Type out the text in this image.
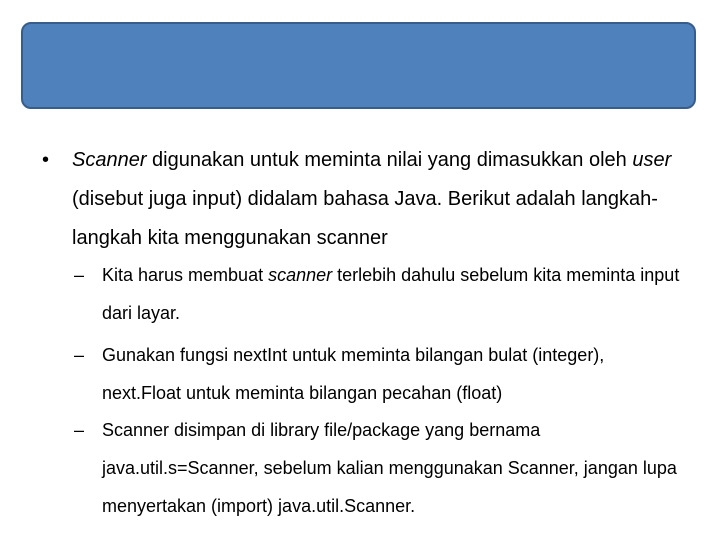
• Scanner digunakan untuk meminta nilai yang dimasukkan oleh user (disebut juga input) didalam bahasa Java. Berikut adalah langkah-langkah kita menggunakan scanner
– Kita harus membuat scanner terlebih dahulu sebelum kita meminta input dari layar.
– Gunakan fungsi nextInt untuk meminta bilangan bulat (integer), next.Float untuk meminta bilangan pecahan (float)
– Scanner disimpan di library file/package yang bernama java.util.s=Scanner, sebelum kalian menggunakan Scanner, jangan lupa menyertakan (import) java.util.Scanner.
